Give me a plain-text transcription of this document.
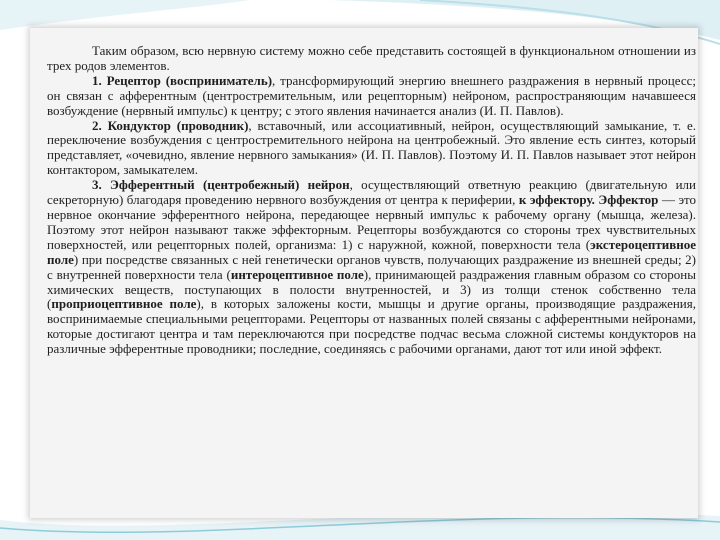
Таким образом, всю нервную систему можно себе представить состоящей в функциональном отношении из трех родов элементов.

1. Рецептор (восприниматель), трансформирующий энергию внешнего раздражения в нервный процесс; он связан с афферентным (центростремительным, или рецепторным) нейроном, распространяющим начавшееся возбуждение (нервный импульс) к центру; с этого явления начинается анализ (И. П. Павлов).

2. Кондуктор (проводник), вставочный, или ассоциативный, нейрон, осуществляющий замыкание, т. е. переключение возбуждения с центростремительного нейрона на центробежный. Это явление есть синтез, который представляет, «очевидно, явление нервного замыкания» (И. П. Павлов). Поэтому И. П. Павлов называет этот нейрон контактором, замыкателем.

3. Эфферентный (центробежный) нейрон, осуществляющий ответную реакцию (двигательную или секреторную) благодаря проведению нервного возбуждения от центра к периферии, к эффектору. Эффектор — это нервное окончание эфферентного нейрона, передающее нервный импульс к рабочему органу (мышца, железа). Поэтому этот нейрон называют также эффекторным. Рецепторы возбуждаются со стороны трех чувствительных поверхностей, или рецепторных полей, организма: 1) с наружной, кожной, поверхности тела (экстероцептивное поле) при посредстве связанных с ней генетически органов чувств, получающих раздражение из внешней среды; 2) с внутренней поверхности тела (интероцептивное поле), принимающей раздражения главным образом со стороны химических веществ, поступающих в полости внутренностей, и 3) из толщи стенок собственно тела (проприоцептивное поле), в которых заложены кости, мышцы и другие органы, производящие раздражения, воспринимаемые специальными рецепторами. Рецепторы от названных полей связаны с афферентными нейронами, которые достигают центра и там переключаются при посредстве подчас весьма сложной системы кондукторов на различные эфферентные проводники; последние, соединяясь с рабочими органами, дают тот или иной эффект.
